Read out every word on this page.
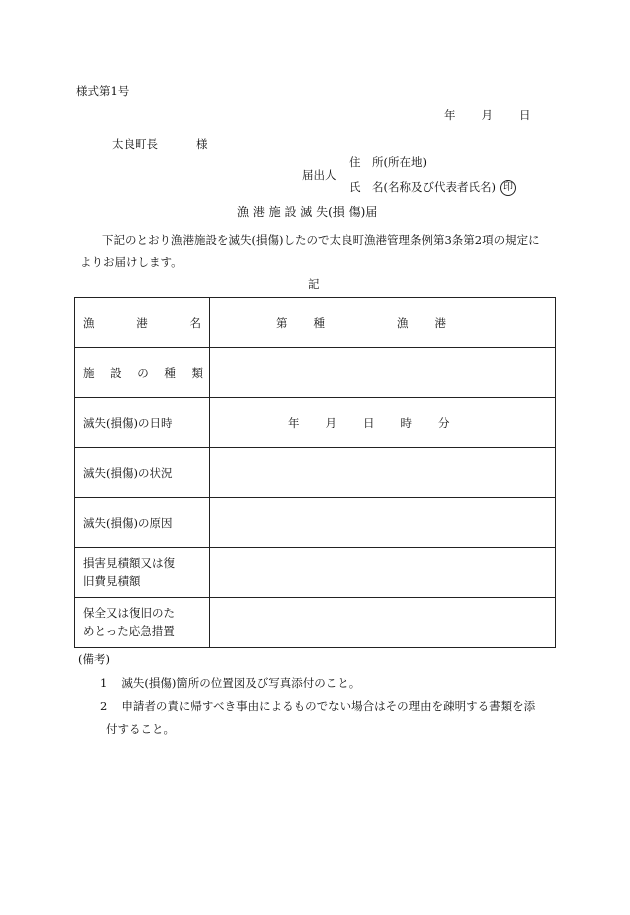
様式第1号
年 月 日
太良町長	様
住　所(所在地)
届出人
氏　名(名称及び代表者氏名) 印
漁 港 施 設 滅 失(損 傷)届
下記のとおり漁港施設を滅失(損傷)したので太良町漁港管理条例第3条第2項の規定に
よりお届けします。
記
漁 港 名	第 種 漁 港

施 設 の 種 類	

滅失(損傷)の日時	年 月 日 時 分
滅失(損傷)の状況	
滅失(損傷)の原因	

損害見積額又は復
旧費見積額	

保全又は復旧のた
めとった応急措置	

(備考)
1 滅失(損傷)箇所の位置図及び写真添付のこと。
2 申請者の責に帰すべき事由によるものでない場合はその理由を疎明する書類を添
付すること。
